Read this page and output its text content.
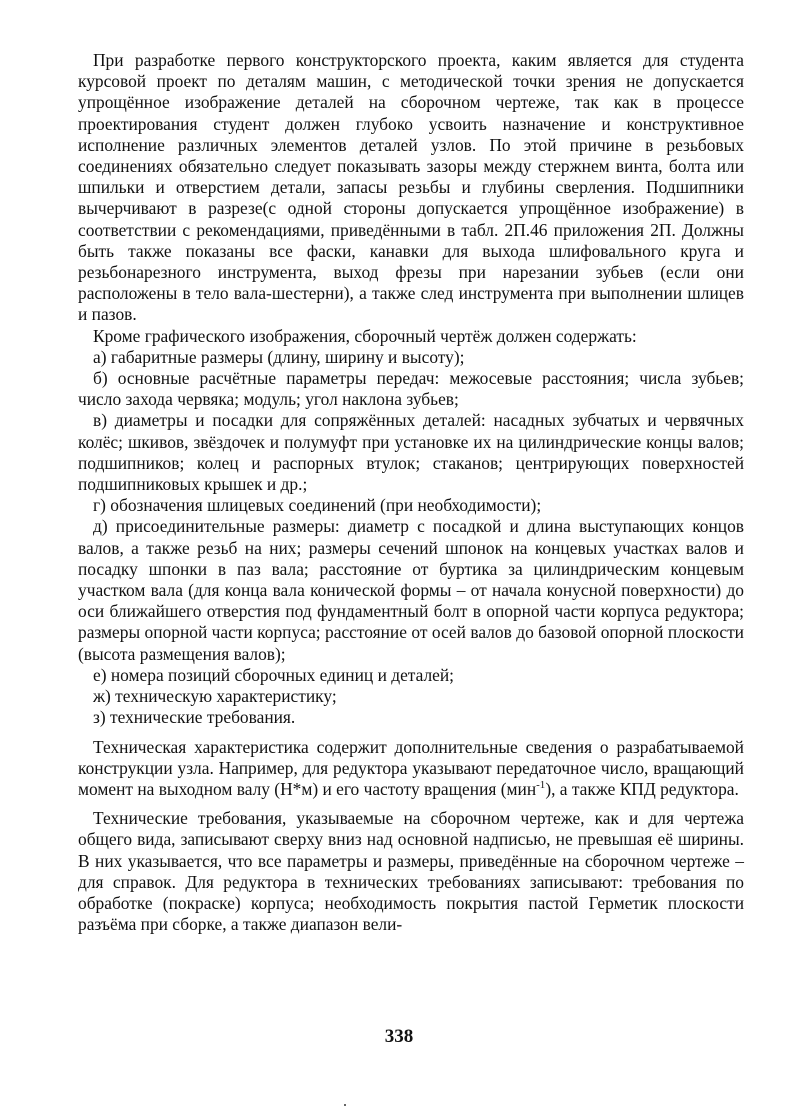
При разработке первого конструкторского проекта, каким является для студента курсовой проект по деталям машин, с методической точки зрения не допускается упрощённое изображение деталей на сборочном чертеже, так как в процессе проектирования студент должен глубоко усвоить назначение и конструктивное исполнение различных элементов деталей узлов. По этой причине в резьбовых соединениях обязательно следует показывать зазоры между стержнем винта, болта или шпильки и отверстием детали, запасы резьбы и глубины сверления. Подшипники вычерчивают в разрезе(с одной стороны допускается упрощённое изображение) в соответствии с рекомендациями, приведёнными в табл. 2П.46 приложения 2П. Должны быть также показаны все фаски, канавки для выхода шлифовального круга и резьбонарезного инструмента, выход фрезы при нарезании зубьев (если они расположены в тело вала-шестерни), а также след инструмента при выполнении шлицев и пазов.

Кроме графического изображения, сборочный чертёж должен содержать:

а) габаритные размеры (длину, ширину и высоту);

б) основные расчётные параметры передач: межосевые расстояния; числа зубьев; число захода червяка; модуль; угол наклона зубьев;

в) диаметры и посадки для сопряжённых деталей: насадных зубчатых и червячных колёс; шкивов, звёздочек и полумуфт при установке их на цилиндрические концы валов; подшипников; колец и распорных втулок; стаканов; центрирующих поверхностей подшипниковых крышек и др.;

г) обозначения шлицевых соединений (при необходимости);

д) присоединительные размеры: диаметр с посадкой и длина выступающих концов валов, а также резьб на них; размеры сечений шпонок на концевых участках валов и посадку шпонки в паз вала; расстояние от буртика за цилиндрическим концевым участком вала (для конца вала конической формы – от начала конусной поверхности) до оси ближайшего отверстия под фундаментный болт в опорной части корпуса редуктора; размеры опорной части корпуса; расстояние от осей валов до базовой опорной плоскости (высота размещения валов);

е) номера позиций сборочных единиц и деталей;

ж) техническую характеристику;

з) технические требования.

Техническая характеристика содержит дополнительные сведения о разрабатываемой конструкции узла. Например, для редуктора указывают передаточное число, вращающий момент на выходном валу (Н*м) и его частоту вращения (мин$^{-1}$), а также КПД редуктора.

Технические требования, указываемые на сборочном чертеже, как и для чертежа общего вида, записывают сверху вниз над основной надписью, не превышая её ширины. В них указывается, что все параметры и размеры, приведённые на сборочном чертеже – для справок. Для редуктора в технических требованиях записывают: требования по обработке (покраске) корпуса; необходимость покрытия пастой Герметик плоскости разъёма при сборке, а также диапазон вели-

338
